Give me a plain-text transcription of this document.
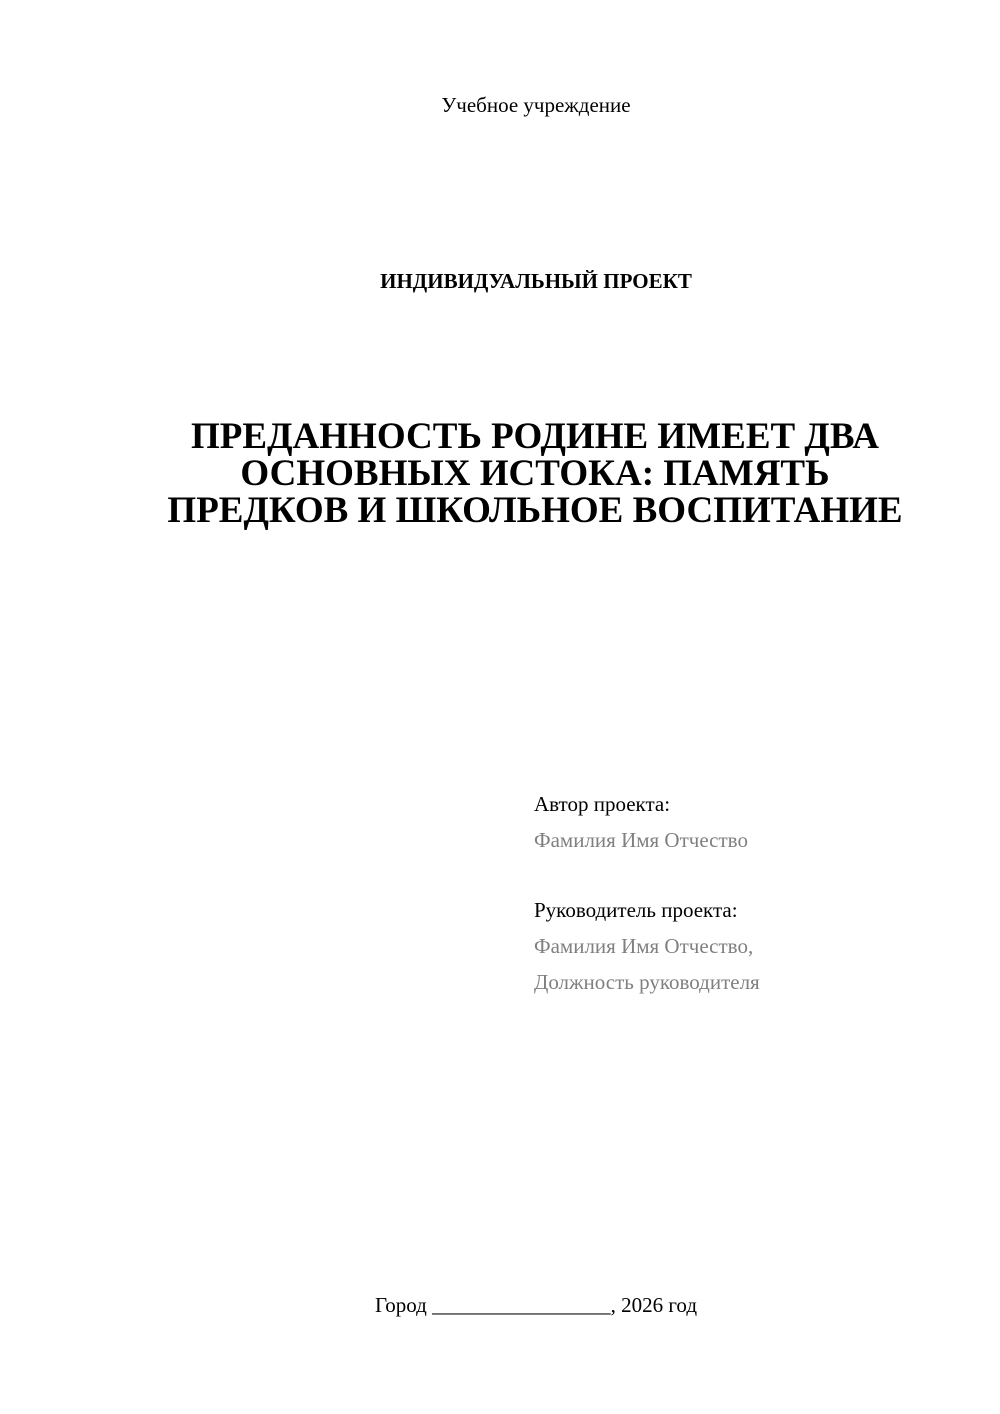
Учебное учреждение
ИНДИВИДУАЛЬНЫЙ ПРОЕКТ
ПРЕДАННОСТЬ РОДИНЕ ИМЕЕТ ДВА
ОСНОВНЫХ ИСТОКА: ПАМЯТЬ
ПРЕДКОВ И ШКОЛЬНОЕ ВОСПИТАНИЕ
Автор проекта:
Фамилия Имя Отчество
Руководитель проекта:
Фамилия Имя Отчество,
Должность руководителя
Город _________________, 2026 год
